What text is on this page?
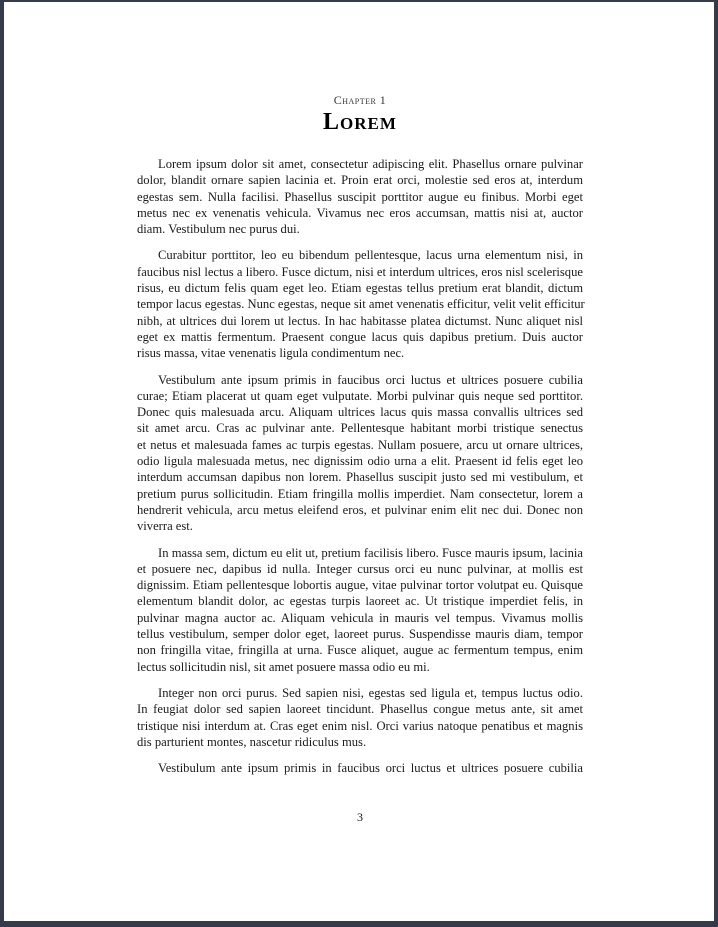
Chapter 1
Lorem
Lorem ipsum dolor sit amet, consectetur adipiscing elit. Phasellus ornare pulvinar
dolor, blandit ornare sapien lacinia et. Proin erat orci, molestie sed eros at, interdum
egestas sem. Nulla facilisi. Phasellus suscipit porttitor augue eu finibus. Morbi eget
metus nec ex venenatis vehicula. Vivamus nec eros accumsan, mattis nisi at, auctor
diam. Vestibulum nec purus dui.
Curabitur porttitor, leo eu bibendum pellentesque, lacus urna elementum nisi, in
faucibus nisl lectus a libero. Fusce dictum, nisi et interdum ultrices, eros nisl scelerisque
risus, eu dictum felis quam eget leo. Etiam egestas tellus pretium erat blandit, dictum
tempor lacus egestas. Nunc egestas, neque sit amet venenatis efficitur, velit velit efficitur
nibh, at ultrices dui lorem ut lectus. In hac habitasse platea dictumst. Nunc aliquet nisl
eget ex mattis fermentum. Praesent congue lacus quis dapibus pretium. Duis auctor
risus massa, vitae venenatis ligula condimentum nec.
Vestibulum ante ipsum primis in faucibus orci luctus et ultrices posuere cubilia
curae; Etiam placerat ut quam eget vulputate. Morbi pulvinar quis neque sed porttitor.
Donec quis malesuada arcu. Aliquam ultrices lacus quis massa convallis ultrices sed
sit amet arcu. Cras ac pulvinar ante. Pellentesque habitant morbi tristique senectus
et netus et malesuada fames ac turpis egestas. Nullam posuere, arcu ut ornare ultrices,
odio ligula malesuada metus, nec dignissim odio urna a elit. Praesent id felis eget leo
interdum accumsan dapibus non lorem. Phasellus suscipit justo sed mi vestibulum, et
pretium purus sollicitudin. Etiam fringilla mollis imperdiet. Nam consectetur, lorem a
hendrerit vehicula, arcu metus eleifend eros, et pulvinar enim elit nec dui. Donec non
viverra est.
In massa sem, dictum eu elit ut, pretium facilisis libero. Fusce mauris ipsum, lacinia
et posuere nec, dapibus id nulla. Integer cursus orci eu nunc pulvinar, at mollis est
dignissim. Etiam pellentesque lobortis augue, vitae pulvinar tortor volutpat eu. Quisque
elementum blandit dolor, ac egestas turpis laoreet ac. Ut tristique imperdiet felis, in
pulvinar magna auctor ac. Aliquam vehicula in mauris vel tempus. Vivamus mollis
tellus vestibulum, semper dolor eget, laoreet purus. Suspendisse mauris diam, tempor
non fringilla vitae, fringilla at urna. Fusce aliquet, augue ac fermentum tempus, enim
lectus sollicitudin nisl, sit amet posuere massa odio eu mi.
Integer non orci purus. Sed sapien nisi, egestas sed ligula et, tempus luctus odio.
In feugiat dolor sed sapien laoreet tincidunt. Phasellus congue metus ante, sit amet
tristique nisi interdum at. Cras eget enim nisl. Orci varius natoque penatibus et magnis
dis parturient montes, nascetur ridiculus mus.
Vestibulum ante ipsum primis in faucibus orci luctus et ultrices posuere cubilia
3
